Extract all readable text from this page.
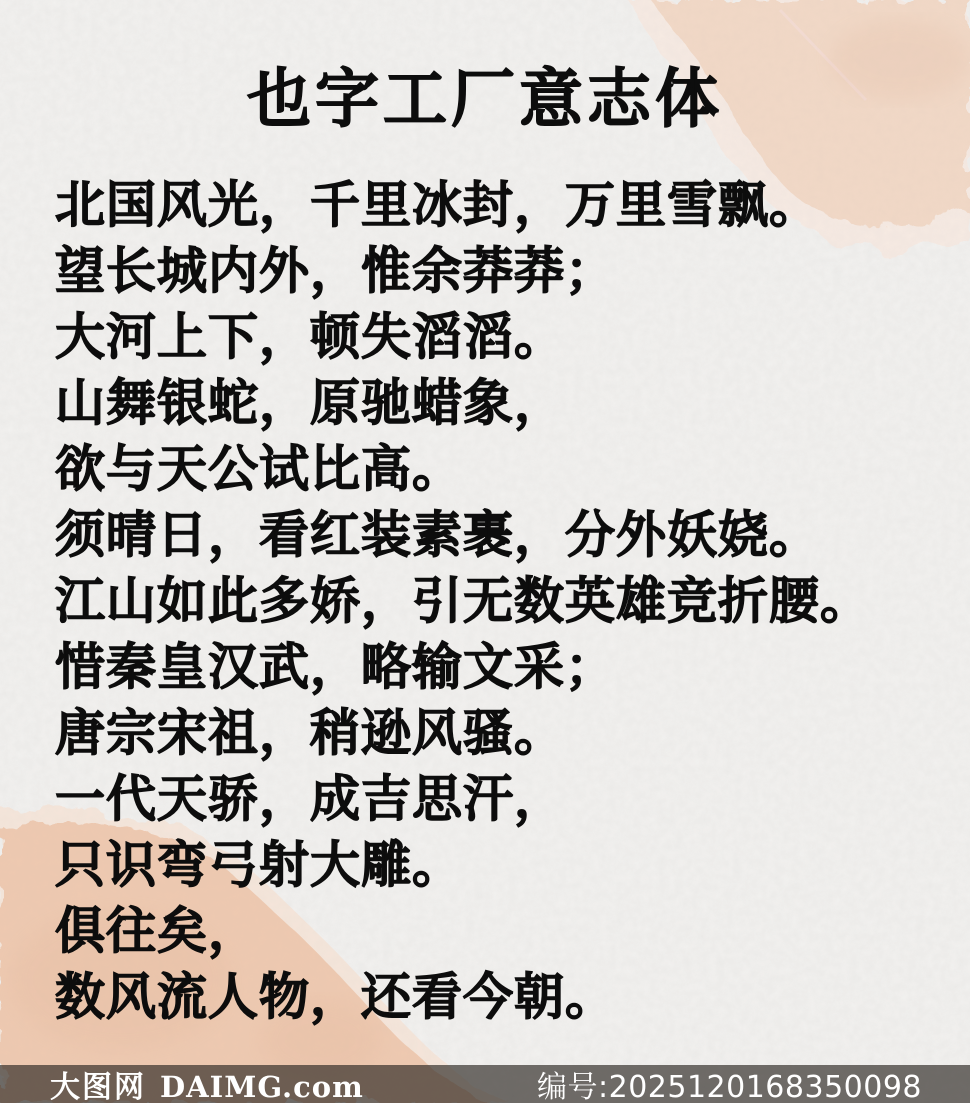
也字工厂意志体
北国风光，千里冰封，万里雪飘。
望长城内外，惟余莽莽；
大河上下，顿失滔滔。
山舞银蛇，原驰蜡象，
欲与天公试比高。
须晴日，看红装素裹，分外妖娆。
江山如此多娇，引无数英雄竞折腰。
惜秦皇汉武，略输文采；
唐宗宋祖，稍逊风骚。
一代天骄，成吉思汗，
只识弯弓射大雕。
俱往矣，
数风流人物，还看今朝。
大图网 DAIMG.com	编号:2025120168350098
